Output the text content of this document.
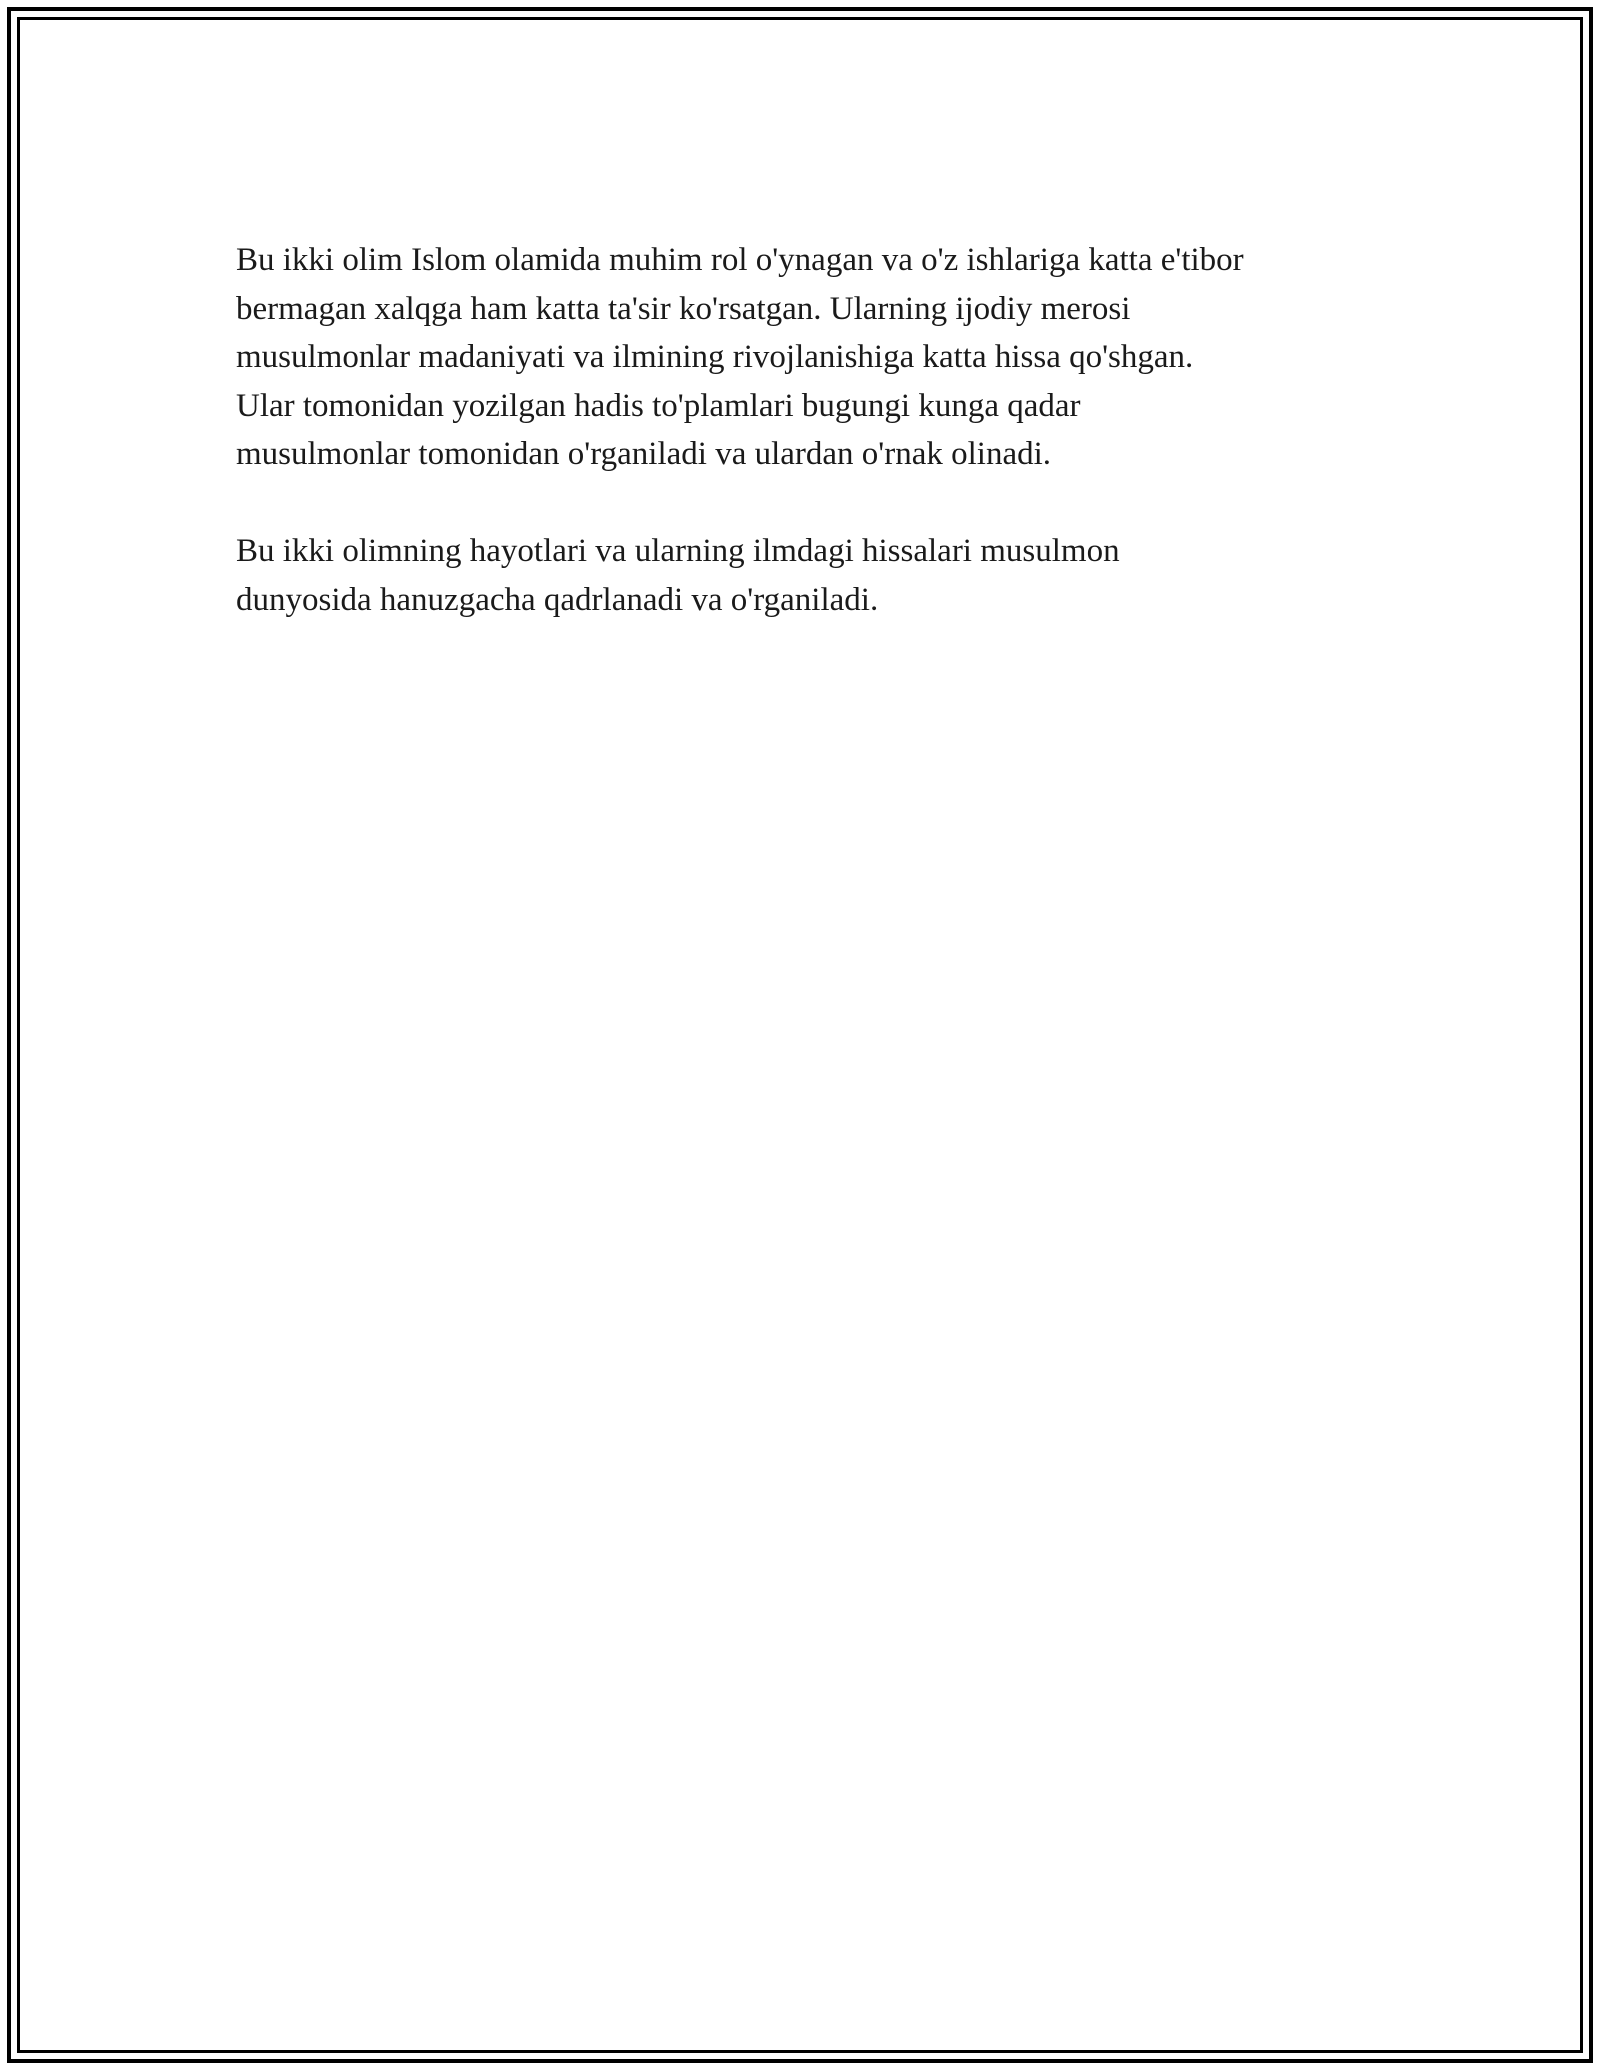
Bu ikki olim Islom olamida muhim rol o'ynagan va o'z ishlariga katta e'tibor
bermagan xalqga ham katta ta'sir ko'rsatgan. Ularning ijodiy merosi
musulmonlar madaniyati va ilmining rivojlanishiga katta hissa qo'shgan.
Ular tomonidan yozilgan hadis to'plamlari bugungi kunga qadar
musulmonlar tomonidan o'rganiladi va ulardan o'rnak olinadi.

Bu ikki olimning hayotlari va ularning ilmdagi hissalari musulmon
dunyosida hanuzgacha qadrlanadi va o'rganiladi.
